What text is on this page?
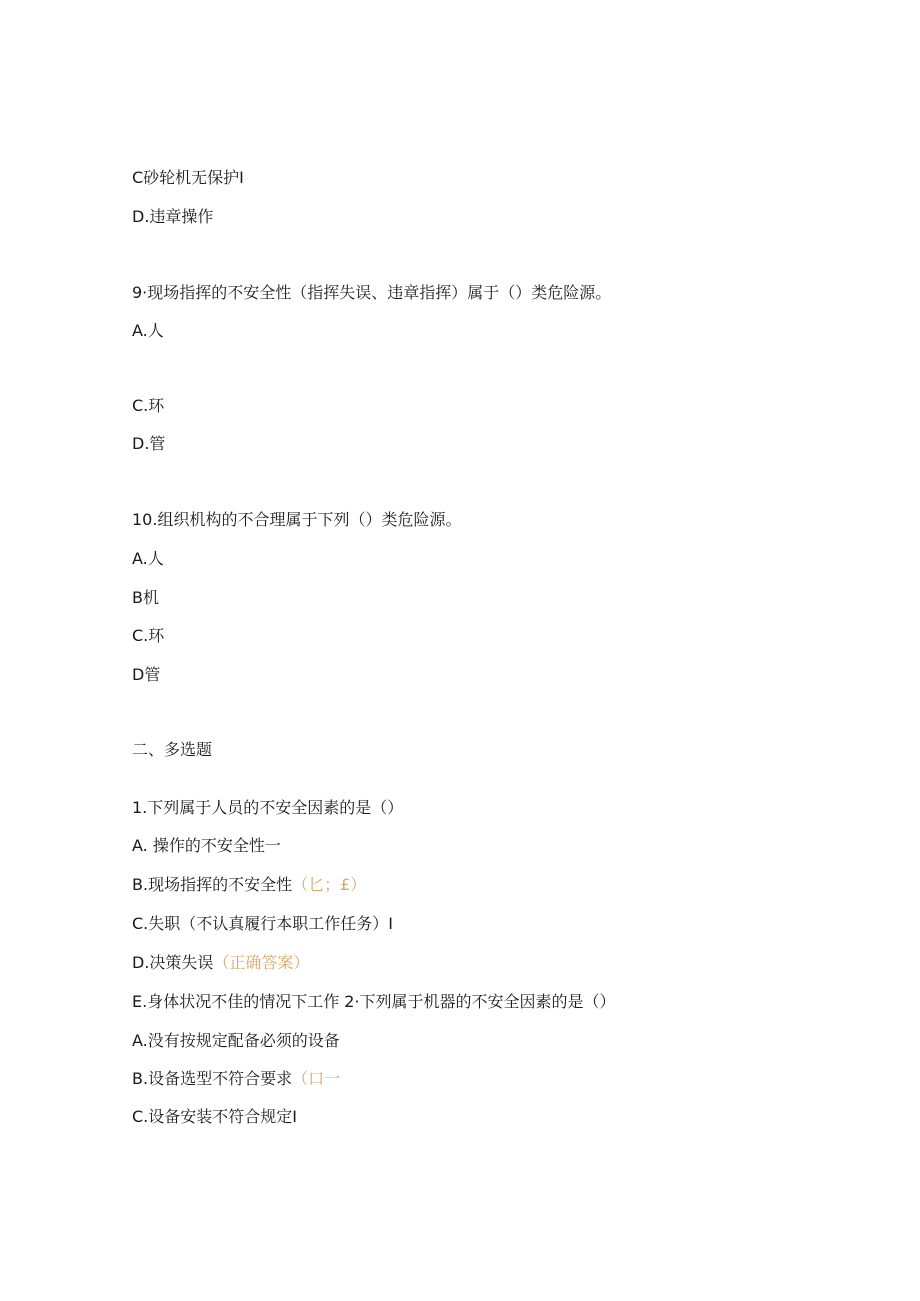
C砂轮机无保护I
D.违章操作
9·现场指挥的不安全性（指挥失误、违章指挥）属于（）类危险源。
A.人
C.环
D.管
10.组织机构的不合理属于下列（）类危险源。
A.人
B机
C.环
D管
二、多选题
1.下列属于人员的不安全因素的是（）
A. 操作的不安全性一
B.现场指挥的不安全性（匕；£）
C.失职（不认真履行本职工作任务）I
D.决策失误（正确答案）
E.身体状况不佳的情况下工作 2·下列属于机器的不安全因素的是（）
A.没有按规定配备必须的设备
B.设备选型不符合要求（口一
C.设备安装不符合规定I
